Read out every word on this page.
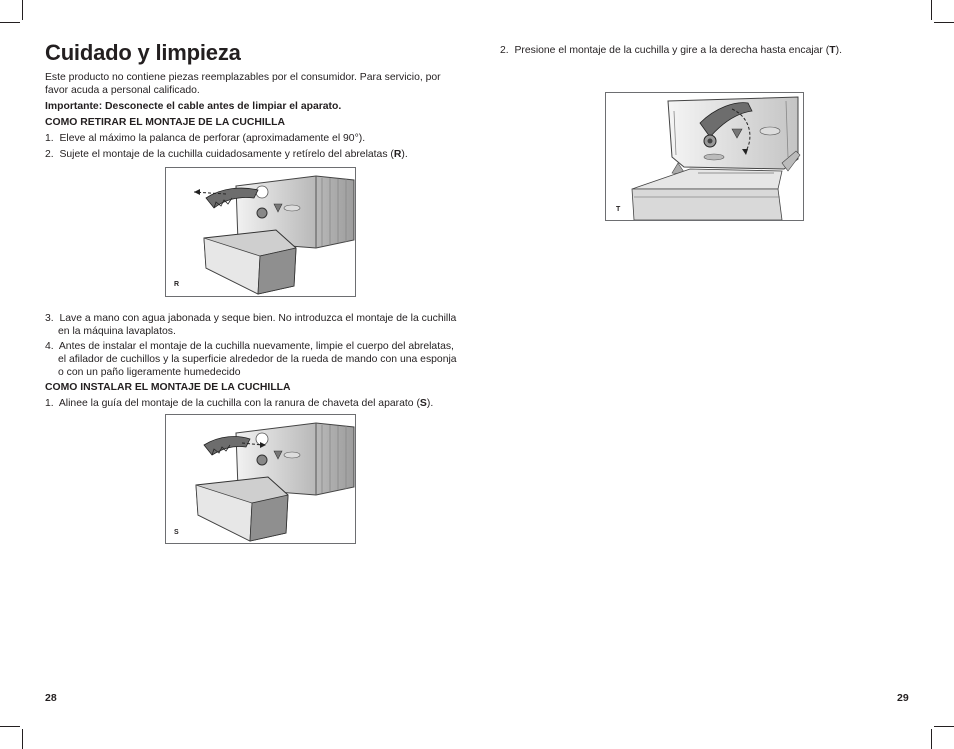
Cuidado y limpieza

Este producto no contiene piezas reemplazables por el consumidor. Para servicio, por favor acuda a personal calificado.

Importante: Desconecte el cable antes de limpiar el aparato.

COMO RETIRAR EL MONTAJE DE LA CUCHILLA

1. Eleve al máximo la palanca de perforar (aproximadamente el 90°).

2. Sujete el montaje de la cuchilla cuidadosamente y retírelo del abrelatas (R).

R

3. Lave a mano con agua jabonada y seque bien. No introduzca el montaje de la cuchilla en la máquina lavaplatos.

4. Antes de instalar el montaje de la cuchilla nuevamente, limpie el cuerpo del abrelatas, el afilador de cuchillos y la superficie alrededor de la rueda de mando con una esponja o con un paño ligeramente humedecido

COMO INSTALAR EL MONTAJE DE LA CUCHILLA

1. Alinee la guía del montaje de la cuchilla con la ranura de chaveta del aparato (S).

S
28

2. Presione el montaje de la cuchilla y gire a la derecha hasta encajar (T).

T
29
